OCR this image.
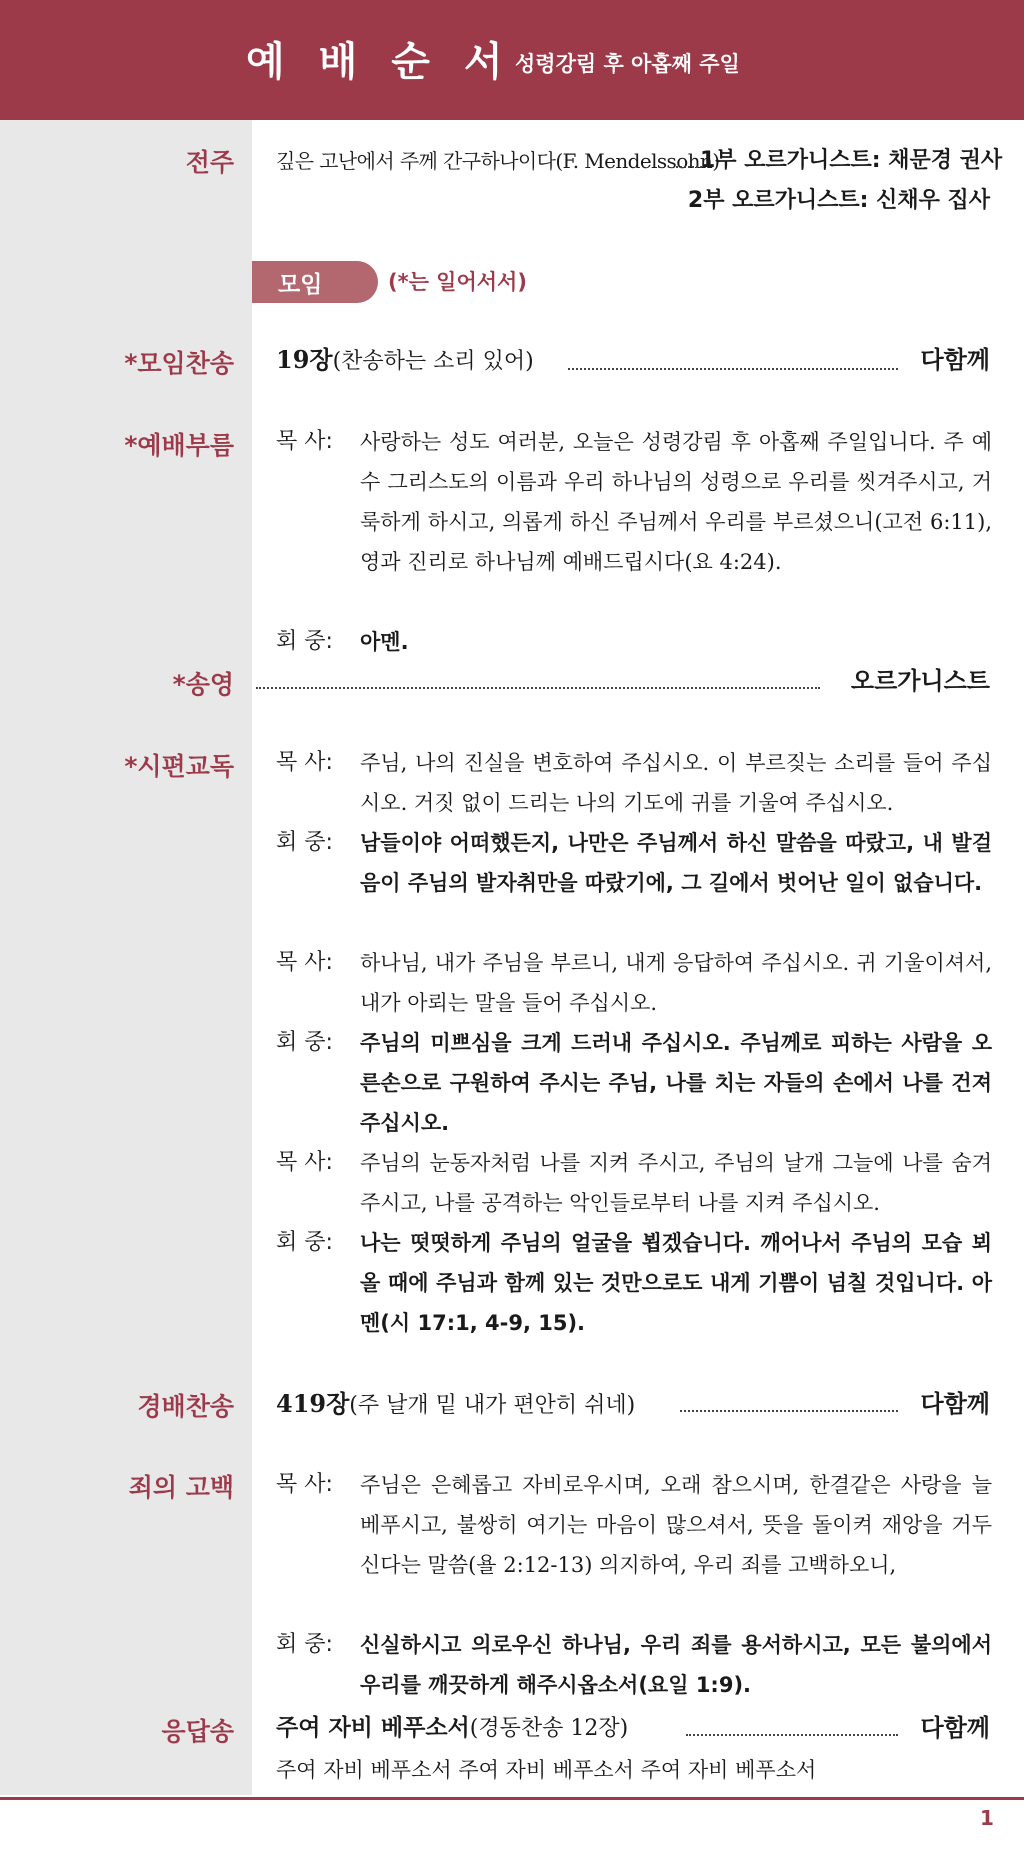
예배순서
성령강림 후 아홉째 주일
전주 깊은 고난에서 주께 간구하나이다(F. Mendelssohn)
1부 오르가니스트: 채문경 권사
2부 오르가니스트: 신채우 집사
모임	(*는 일어서서)
*모임찬송 19장(찬송하는 소리 있어)	다함께
*예배부름 목 사:	사랑하는 성도 여러분, 오늘은 성령강림 후 아홉째 주일입니다. 주 예수 그리스도의 이름과 우리 하나님의 성령으로 우리를 씻겨주시고, 거룩하게 하시고, 의롭게 하신 주님께서 우리를 부르셨으니(고전 6:11), 영과 진리로 하나님께 예배드립시다(요 4:24).
회 중:	아멘.
*송영	오르가니스트
*시편교독 목 사:	주님, 나의 진실을 변호하여 주십시오. 이 부르짖는 소리를 들어 주십시오. 거짓 없이 드리는 나의 기도에 귀를 기울여 주십시오.
회 중:	남들이야 어떠했든지, 나만은 주님께서 하신 말씀을 따랐고, 내 발걸음이 주님의 발자취만을 따랐기에, 그 길에서 벗어난 일이 없습니다.
목 사:	하나님, 내가 주님을 부르니, 내게 응답하여 주십시오. 귀 기울이셔서, 내가 아뢰는 말을 들어 주십시오.
회 중:	주님의 미쁘심을 크게 드러내 주십시오. 주님께로 피하는 사람을 오른손으로 구원하여 주시는 주님, 나를 치는 자들의 손에서 나를 건져 주십시오.
목 사:	주님의 눈동자처럼 나를 지켜 주시고, 주님의 날개 그늘에 나를 숨겨 주시고, 나를 공격하는 악인들로부터 나를 지켜 주십시오.
회 중:	나는 떳떳하게 주님의 얼굴을 뵙겠습니다. 깨어나서 주님의 모습 뵈올 때에 주님과 함께 있는 것만으로도 내게 기쁨이 넘칠 것입니다. 아멘(시 17:1, 4-9, 15).
경배찬송 419장(주 날개 밑 내가 편안히 쉬네)	다함께
죄의 고백 목 사:	주님은 은혜롭고 자비로우시며, 오래 참으시며, 한결같은 사랑을 늘 베푸시고, 불쌍히 여기는 마음이 많으셔서, 뜻을 돌이켜 재앙을 거두신다는 말씀(욜 2:12-13) 의지하여, 우리 죄를 고백하오니,
회 중:	신실하시고 의로우신 하나님, 우리 죄를 용서하시고, 모든 불의에서 우리를 깨끗하게 해주시옵소서(요일 1:9).
응답송 주여 자비 베푸소서(경동찬송 12장)	다함께
주여 자비 베푸소서 주여 자비 베푸소서 주여 자비 베푸소서
1
